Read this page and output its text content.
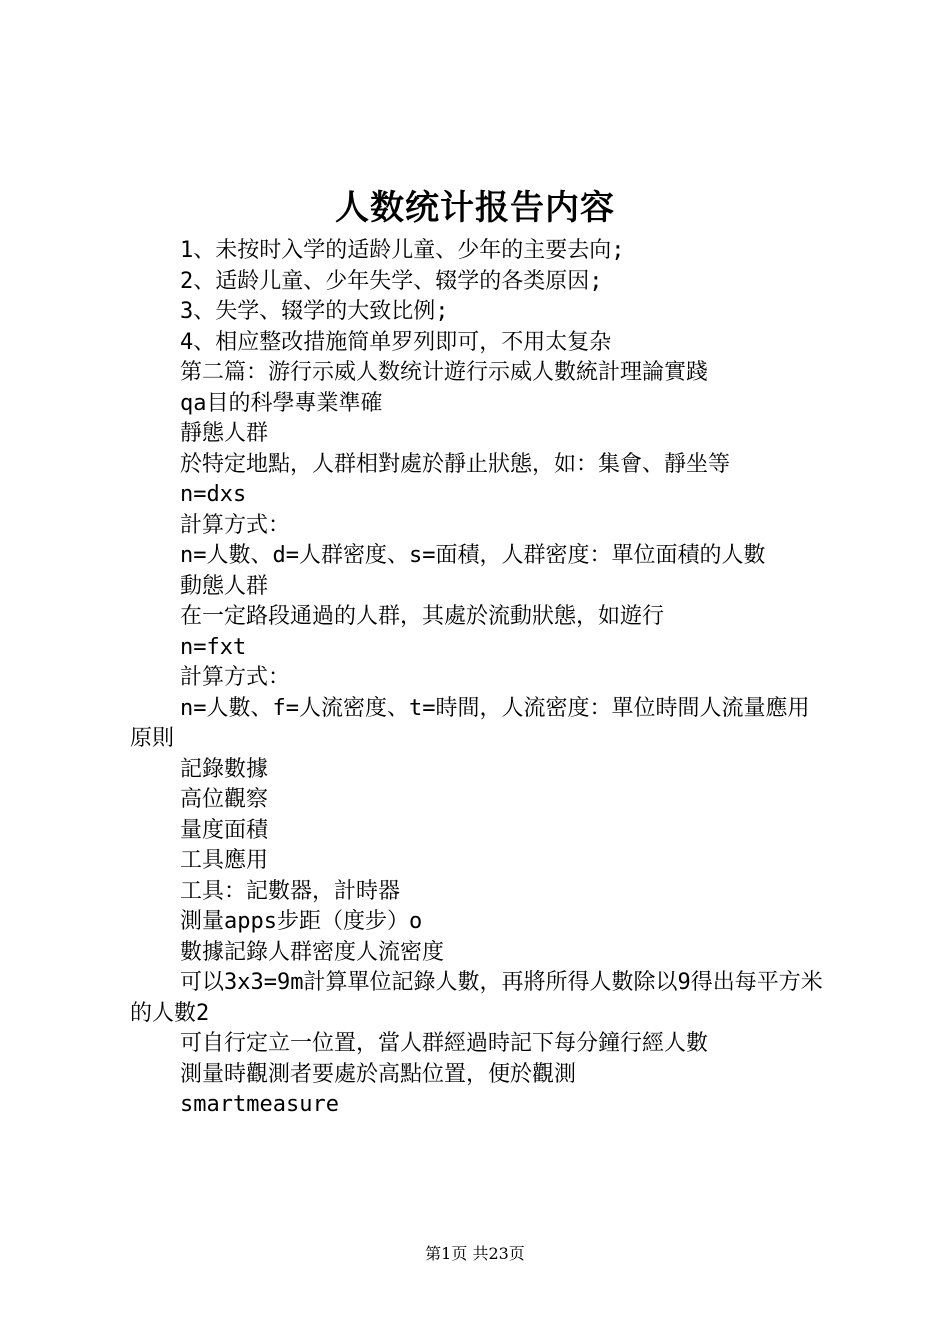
人数统计报告内容

1、未按时入学的适龄儿童、少年的主要去向;

2、适龄儿童、少年失学、辍学的各类原因;

3、失学、辍学的大致比例;

4、相应整改措施简单罗列即可，不用太复杂

第二篇：游行示威人数统计遊行示威人數統計理論實踐

qa目的科學專業準確

靜態人群

於特定地點，人群相對處於靜止狀態，如：集會、靜坐等

n=dxs

計算方式：

n=人數、d=人群密度、s=面積，人群密度：單位面積的人數

動態人群

在一定路段通過的人群，其處於流動狀態，如遊行

n=fxt

計算方式：

n=人數、f=人流密度、t=時間，人流密度：單位時間人流量應用原則

記錄數據

高位觀察

量度面積

工具應用

工具：記數器，計時器

測量apps步距（度步）o

數據記錄人群密度人流密度

可以3x3=9m計算單位記錄人數，再將所得人數除以9得出每平方米的人數2

可自行定立一位置，當人群經過時記下每分鐘行經人數

測量時觀測者要處於高點位置，便於觀測

smartmeasure

第1页 共23页
